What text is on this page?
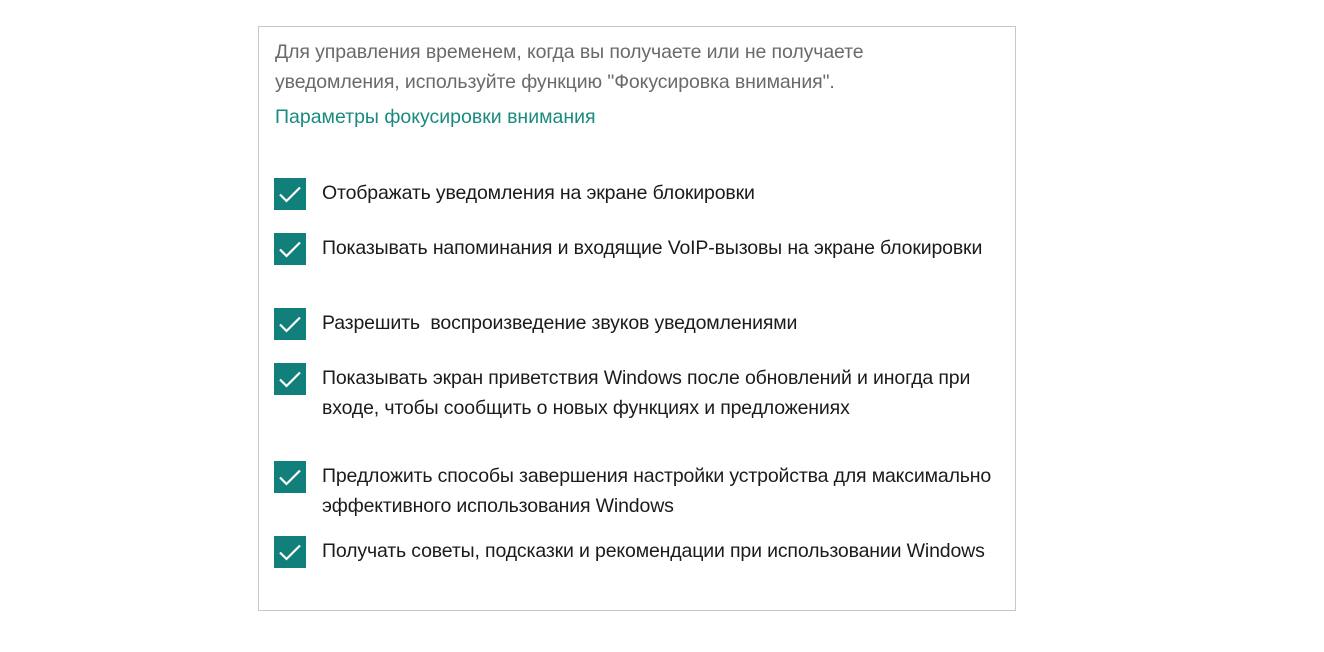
Для управления временем, когда вы получаете или не получаете
уведомления, используйте функцию "Фокусировка внимания".
Параметры фокусировки внимания
Отображать уведомления на экране блокировки
Показывать напоминания и входящие VoIP-вызовы на экране блокировки
Разрешить  воспроизведение звуков уведомлениями
Показывать экран приветствия Windows после обновлений и иногда при входе, чтобы сообщить о новых функциях и предложениях
Предложить способы завершения настройки устройства для максимально эффективного использования Windows
Получать советы, подсказки и рекомендации при использовании Windows
